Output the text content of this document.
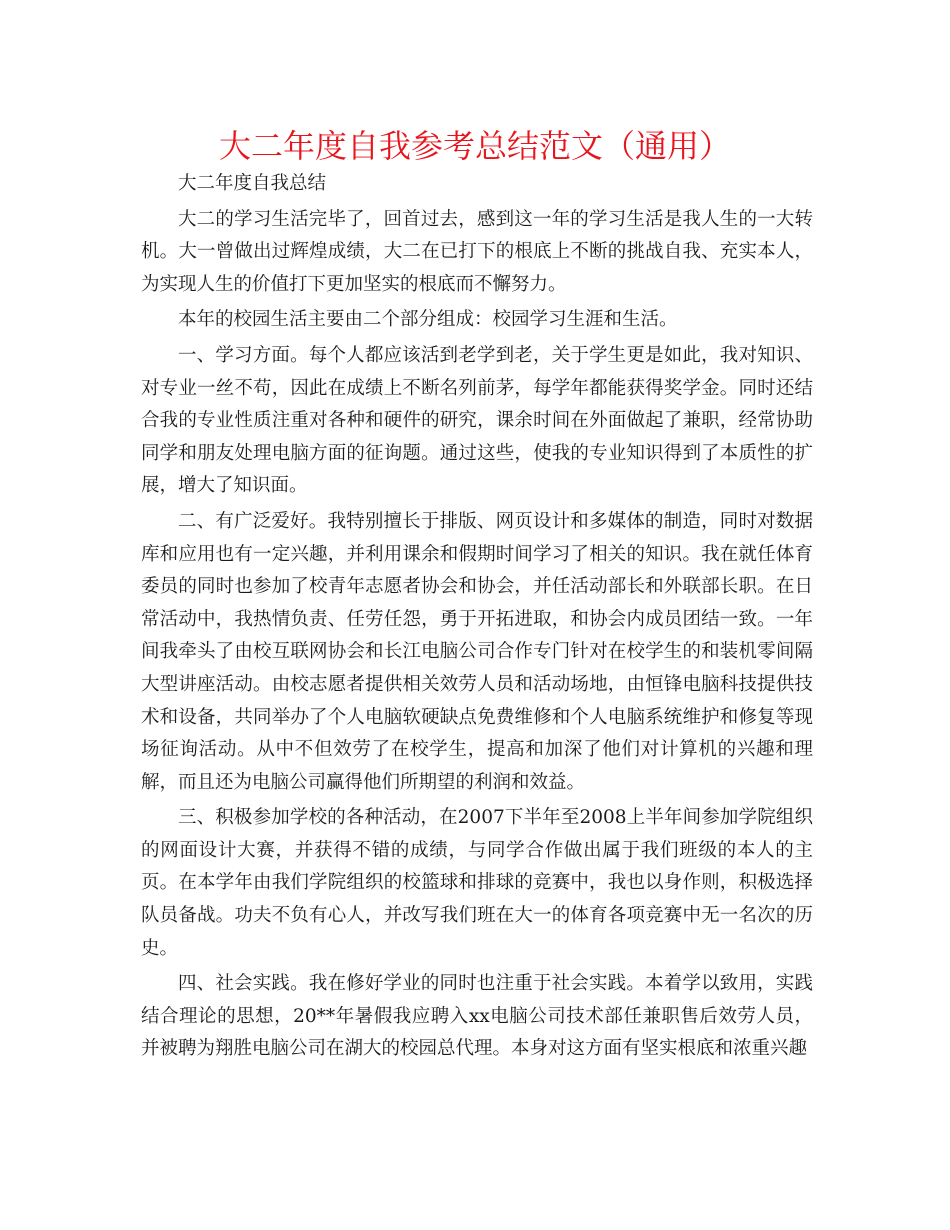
大二年度自我参考总结范文（通用）

大二年度自我总结

大二的学习生活完毕了，回首过去，感到这一年的学习生活是我人生的一大转机。大一曾做出过辉煌成绩，大二在已打下的根底上不断的挑战自我、充实本人，为实现人生的价值打下更加坚实的根底而不懈努力。

本年的校园生活主要由二个部分组成：校园学习生涯和生活。

一、学习方面。每个人都应该活到老学到老，关于学生更是如此，我对知识、对专业一丝不苟，因此在成绩上不断名列前茅，每学年都能获得奖学金。同时还结合我的专业性质注重对各种和硬件的研究，课余时间在外面做起了兼职，经常协助同学和朋友处理电脑方面的征询题。通过这些，使我的专业知识得到了本质性的扩展，增大了知识面。

二、有广泛爱好。我特别擅长于排版、网页设计和多媒体的制造，同时对数据库和应用也有一定兴趣，并利用课余和假期时间学习了相关的知识。我在就任体育委员的同时也参加了校青年志愿者协会和协会，并任活动部长和外联部长职。在日常活动中，我热情负责、任劳任怨，勇于开拓进取，和协会内成员团结一致。一年间我牵头了由校互联网协会和长江电脑公司合作专门针对在校学生的和装机零间隔大型讲座活动。由校志愿者提供相关效劳人员和活动场地，由恒锋电脑科技提供技术和设备，共同举办了个人电脑软硬缺点免费维修和个人电脑系统维护和修复等现场征询活动。从中不但效劳了在校学生，提高和加深了他们对计算机的兴趣和理解，而且还为电脑公司赢得他们所期望的利润和效益。

三、积极参加学校的各种活动，在2007下半年至2008上半年间参加学院组织的网面设计大赛，并获得不错的成绩，与同学合作做出属于我们班级的本人的主页。在本学年由我们学院组织的校篮球和排球的竞赛中，我也以身作则，积极选择队员备战。功夫不负有心人，并改写我们班在大一的体育各项竞赛中无一名次的历史。

四、社会实践。我在修好学业的同时也注重于社会实践。本着学以致用，实践结合理论的思想，20**年暑假我应聘入xx电脑公司技术部任兼职售后效劳人员，并被聘为翔胜电脑公司在湖大的校园总代理。本身对这方面有坚实根底和浓重兴趣
